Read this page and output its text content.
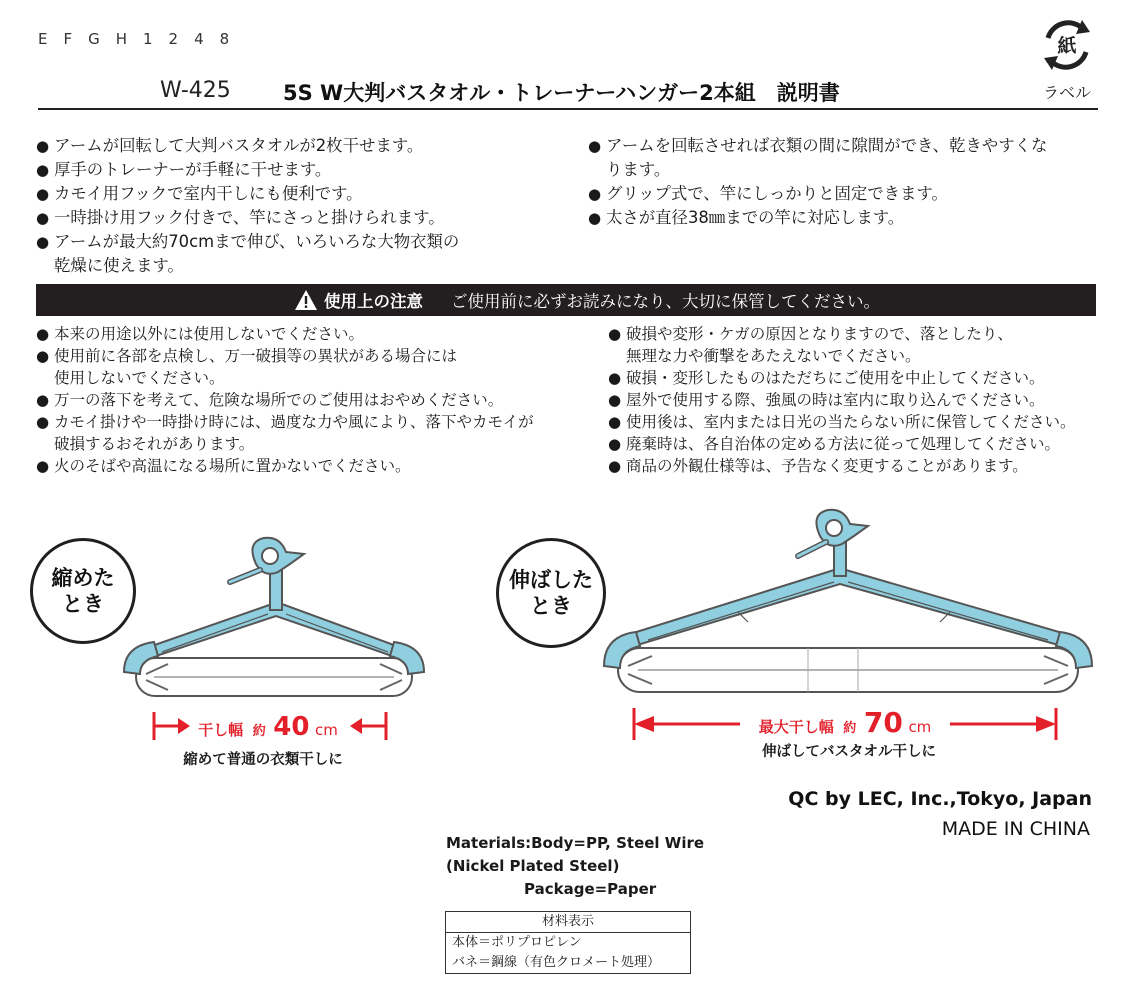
EFGH1248
W-425 5S W大判バスタオル・トレーナーハンガー2本組　説明書
紙
ラベル
● アームが回転して大判バスタオルが2枚干せます。
● 厚手のトレーナーが手軽に干せます。
● カモイ用フックで室内干しにも便利です。
● 一時掛け用フック付きで、竿にさっと掛けられます。
● アームが最大約70cmまで伸び、いろいろな大物衣類の
乾燥に使えます。
● アームを回転させれば衣類の間に隙間ができ、乾きやすくな
ります。
● グリップ式で、竿にしっかりと固定できます。
● 太さが直径38㎜までの竿に対応します。
使用上の注意 ご使用前に必ずお読みになり、大切に保管してください。
● 本来の用途以外には使用しないでください。
● 使用前に各部を点検し、万一破損等の異状がある場合には
使用しないでください。
● 万一の落下を考えて、危険な場所でのご使用はおやめください。
● カモイ掛けや一時掛け時には、過度な力や風により、落下やカモイが
破損するおそれがあります。
● 火のそばや高温になる場所に置かないでください。
● 破損や変形・ケガの原因となりますので、落としたり、
無理な力や衝撃をあたえないでください。
● 破損・変形したものはただちにご使用を中止してください。
● 屋外で使用する際、強風の時は室内に取り込んでください。
● 使用後は、室内または日光の当たらない所に保管してください。
● 廃棄時は、各自治体の定める方法に従って処理してください。
● 商品の外観仕様等は、予告なく変更することがあります。
縮めた
とき
伸ばした
とき
干し幅 約 40 cm
縮めて普通の衣類干しに
最大干し幅 約 70 cm
伸ばしてバスタオル干しに
QC by LEC, Inc.,Tokyo, Japan
MADE IN CHINA
Materials:Body=PP, Steel Wire
(Nickel Plated Steel)
Package=Paper
材料表示
本体＝ポリプロピレン
バネ＝鋼線（有色クロメート処理）
